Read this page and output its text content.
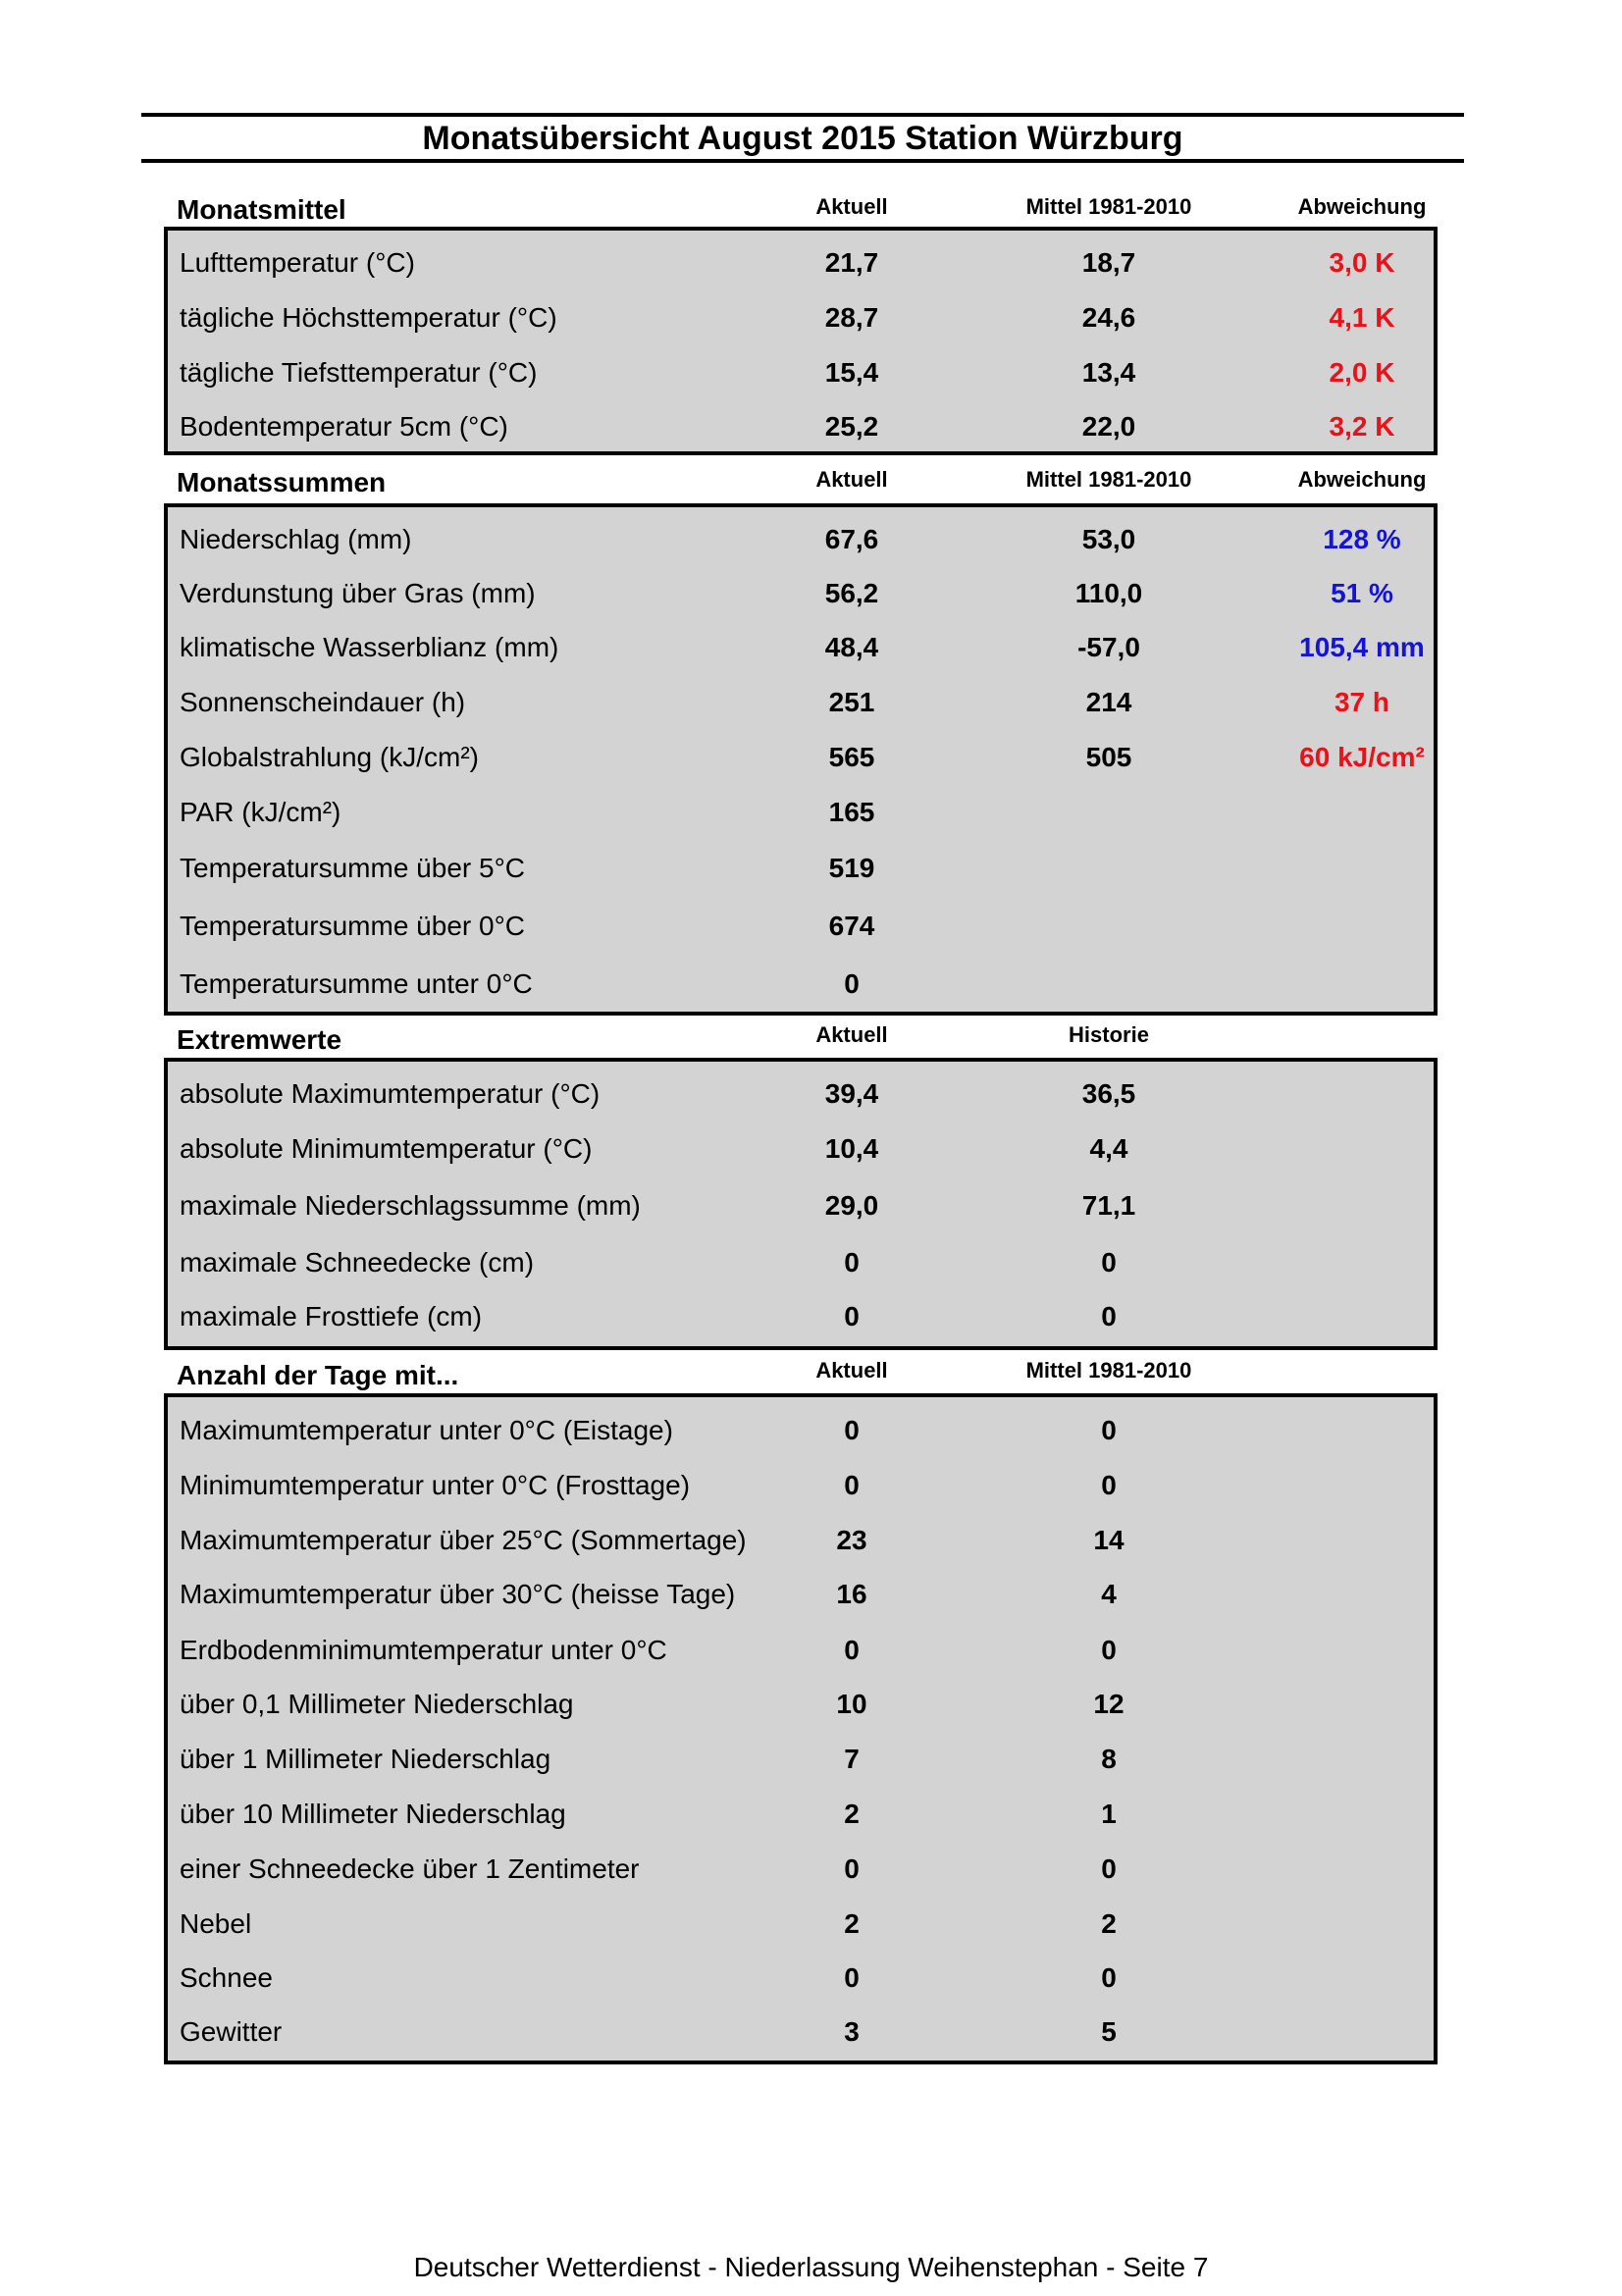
Monatsübersicht August 2015 Station Würzburg
Monatsmittel	Aktuell	Mittel 1981-2010	Abweichung
Lufttemperatur (°C)	21,7	18,7	3,0 K
tägliche Höchsttemperatur (°C)	28,7	24,6	4,1 K
tägliche Tiefsttemperatur (°C)	15,4	13,4	2,0 K
Bodentemperatur 5cm (°C)	25,2	22,0	3,2 K
Monatssummen	Aktuell	Mittel 1981-2010	Abweichung
Niederschlag (mm)	67,6	53,0	128 %
Verdunstung über Gras (mm)	56,2	110,0	51 %
klimatische Wasserblianz (mm)	48,4	-57,0	105,4 mm
Sonnenscheindauer (h)	251	214	37 h
Globalstrahlung (kJ/cm²)	565	505	60 kJ/cm²
PAR (kJ/cm²)	165
Temperatursumme über 5°C	519
Temperatursumme über 0°C	674
Temperatursumme unter 0°C	0
Extremwerte	Aktuell	Historie
absolute Maximumtemperatur (°C)	39,4	36,5
absolute Minimumtemperatur (°C)	10,4	4,4
maximale Niederschlagssumme (mm)	29,0	71,1
maximale Schneedecke (cm)	0	0
maximale Frosttiefe (cm)	0	0
Anzahl der Tage mit...	Aktuell	Mittel 1981-2010
Maximumtemperatur unter 0°C (Eistage)	0	0
Minimumtemperatur unter 0°C (Frosttage)	0	0
Maximumtemperatur über 25°C (Sommertage)	23	14
Maximumtemperatur über 30°C (heisse Tage)	16	4
Erdbodenminimumtemperatur unter 0°C	0	0
über 0,1 Millimeter Niederschlag	10	12
über 1 Millimeter Niederschlag	7	8
über 10 Millimeter Niederschlag	2	1
einer Schneedecke über 1 Zentimeter	0	0
Nebel	2	2
Schnee	0	0
Gewitter	3	5
Deutscher Wetterdienst - Niederlassung Weihenstephan - Seite 7
